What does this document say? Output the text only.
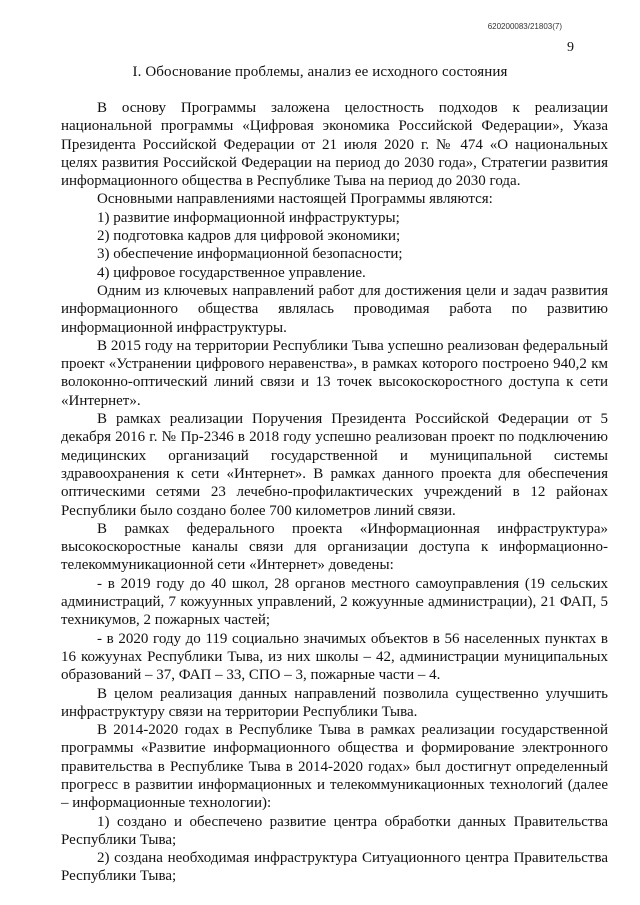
620200083/21803(7)
9
I. Обоснование проблемы, анализ ее исходного состояния

В основу Программы заложена целостность подходов к реализации национальной программы «Цифровая экономика Российской Федерации», Указа Президента Российской Федерации от 21 июля 2020 г. № 474 «О национальных целях развития Российской Федерации на период до 2030 года», Стратегии развития информационного общества в Республике Тыва на период до 2030 года.

Основными направлениями настоящей Программы являются:

1) развитие информационной инфраструктуры;

2) подготовка кадров для цифровой экономики;

3) обеспечение информационной безопасности;

4) цифровое государственное управление.

Одним из ключевых направлений работ для достижения цели и задач развития информационного общества являлась проводимая работа по развитию информационной инфраструктуры.

В 2015 году на территории Республики Тыва успешно реализован федеральный проект «Устранении цифрового неравенства», в рамках которого построено 940,2 км волоконно-оптический линий связи и 13 точек высокоскоростного доступа к сети «Интернет».

В рамках реализации Поручения Президента Российской Федерации от 5 декабря 2016 г. № Пр-2346 в 2018 году успешно реализован проект по подключению медицинских организаций государственной и муниципальной системы здравоохранения к сети «Интернет». В рамках данного проекта для обеспечения оптическими сетями 23 лечебно-профилактических учреждений в 12 районах Республики было создано более 700 километров линий связи.

В рамках федерального проекта «Информационная инфраструктура» высокоскоростные каналы связи для организации доступа к информационно-телекоммуникационной сети «Интернет» доведены:

- в 2019 году до 40 школ, 28 органов местного самоуправления (19 сельских администраций, 7 кожуунных управлений, 2 кожуунные администрации), 21 ФАП, 5 техникумов, 2 пожарных частей;

- в 2020 году до 119 социально значимых объектов в 56 населенных пунктах в 16 кожуунах Республики Тыва, из них школы – 42, администрации муниципальных образований – 37, ФАП – 33, СПО – 3, пожарные части – 4.

В целом реализация данных направлений позволила существенно улучшить инфраструктуру связи на территории Республики Тыва.

В 2014-2020 годах в Республике Тыва в рамках реализации государственной программы «Развитие информационного общества и формирование электронного правительства в Республике Тыва в 2014-2020 годах» был достигнут определенный прогресс в развитии информационных и телекоммуникационных технологий (далее – информационные технологии):

1) создано и обеспечено развитие центра обработки данных Правительства Республики Тыва;

2) создана необходимая инфраструктура Ситуационного центра Правительства Республики Тыва;
